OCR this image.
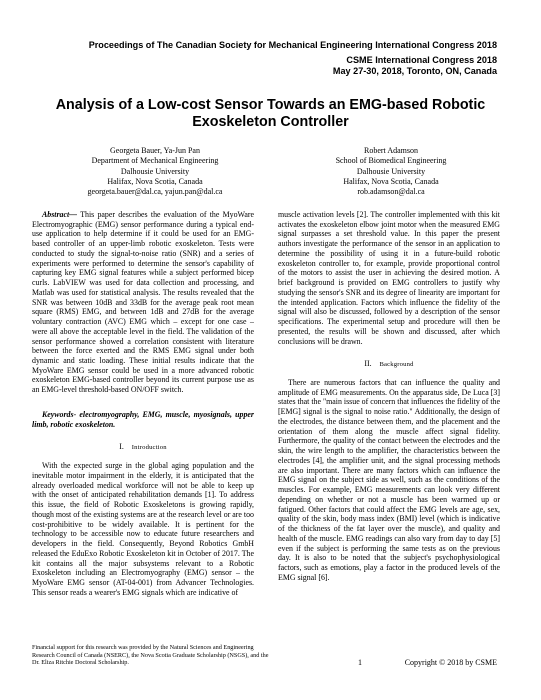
Proceedings of The Canadian Society for Mechanical Engineering International Congress 2018
CSME International Congress 2018
May 27-30, 2018, Toronto, ON, Canada
Analysis of a Low-cost Sensor Towards an EMG-based Robotic Exoskeleton Controller
Georgeta Bauer, Ya-Jun Pan
Department of Mechanical Engineering
Dalhousie University
Halifax, Nova Scotia, Canada
georgeta.bauer@dal.ca, yajun.pan@dal.ca
Robert Adamson
School of Biomedical Engineering
Dalhousie University
Halifax, Nova Scotia, Canada
rob.adamson@dal.ca

Abstract— This paper describes the evaluation of the MyoWare Electromyographic (EMG) sensor performance during a typical end-use application to help determine if it could be used for an EMG-based controller of an upper-limb robotic exoskeleton. Tests were conducted to study the signal-to-noise ratio (SNR) and a series of experiments were performed to determine the sensor's capability of capturing key EMG signal features while a subject performed bicep curls. LabVIEW was used for data collection and processing, and Matlab was used for statistical analysis. The results revealed that the SNR was between 10dB and 33dB for the average peak root mean square (RMS) EMG, and between 1dB and 27dB for the average voluntary contraction (AVC) EMG which – except for one case – were all above the acceptable level in the field. The validation of the sensor performance showed a correlation consistent with literature between the force exerted and the RMS EMG signal under both dynamic and static loading. These initial results indicate that the MyoWare EMG sensor could be used in a more advanced robotic exoskeleton EMG-based controller beyond its current purpose use as an EMG-level threshold-based ON/OFF switch.

Keywords- electromyography, EMG, muscle, myosignals, upper limb, robotic exoskeleton.

I. Introduction

With the expected surge in the global aging population and the inevitable motor impairment in the elderly, it is anticipated that the already overloaded medical workforce will not be able to keep up with the onset of anticipated rehabilitation demands [1]. To address this issue, the field of Robotic Exoskeletons is growing rapidly, though most of the existing systems are at the research level or are too cost-prohibitive to be widely available. It is pertinent for the technology to be accessible now to educate future researchers and developers in the field. Consequently, Beyond Robotics GmbH released the EduExo Robotic Exoskeleton kit in October of 2017. The kit contains all the major subsystems relevant to a Robotic Exoskeleton including an Electromyography (EMG) sensor – the MyoWare EMG sensor (AT-04-001) from Advancer Technologies. This sensor reads a wearer's EMG signals which are indicative of

muscle activation levels [2]. The controller implemented with this kit activates the exoskeleton elbow joint motor when the measured EMG signal surpasses a set threshold value. In this paper the present authors investigate the performance of the sensor in an application to determine the possibility of using it in a future-build robotic exoskeleton controller to, for example, provide proportional control of the motors to assist the user in achieving the desired motion. A brief background is provided on EMG controllers to justify why studying the sensor's SNR and its degree of linearity are important for the intended application. Factors which influence the fidelity of the signal will also be discussed, followed by a description of the sensor specifications. The experimental setup and procedure will then be presented, the results will be shown and discussed, after which conclusions will be drawn.

II. Background

There are numerous factors that can influence the quality and amplitude of EMG measurements. On the apparatus side, De Luca [3] states that the "main issue of concern that influences the fidelity of the [EMG] signal is the signal to noise ratio." Additionally, the design of the electrodes, the distance between them, and the placement and the orientation of them along the muscle affect signal fidelity. Furthermore, the quality of the contact between the electrodes and the skin, the wire length to the amplifier, the characteristics between the electrodes [4], the amplifier unit, and the signal processing methods are also important. There are many factors which can influence the EMG signal on the subject side as well, such as the conditions of the muscles. For example, EMG measurements can look very different depending on whether or not a muscle has been warmed up or fatigued. Other factors that could affect the EMG levels are age, sex, quality of the skin, body mass index (BMI) level (which is indicative of the thickness of the fat layer over the muscle), and quality and health of the muscle. EMG readings can also vary from day to day [5] even if the subject is performing the same tests as on the previous day. It is also to be noted that the subject's psychophysiological factors, such as emotions, play a factor in the produced levels of the EMG signal [6].

Financial support for this research was provided by the Natural Sciences and Engineering Research Council of Canada (NSERC), the Nova Scotia Graduate Scholarship (NSGS), and the Dr. Eliza Ritchie Doctoral Scholarship.	1	Copyright © 2018 by CSME
